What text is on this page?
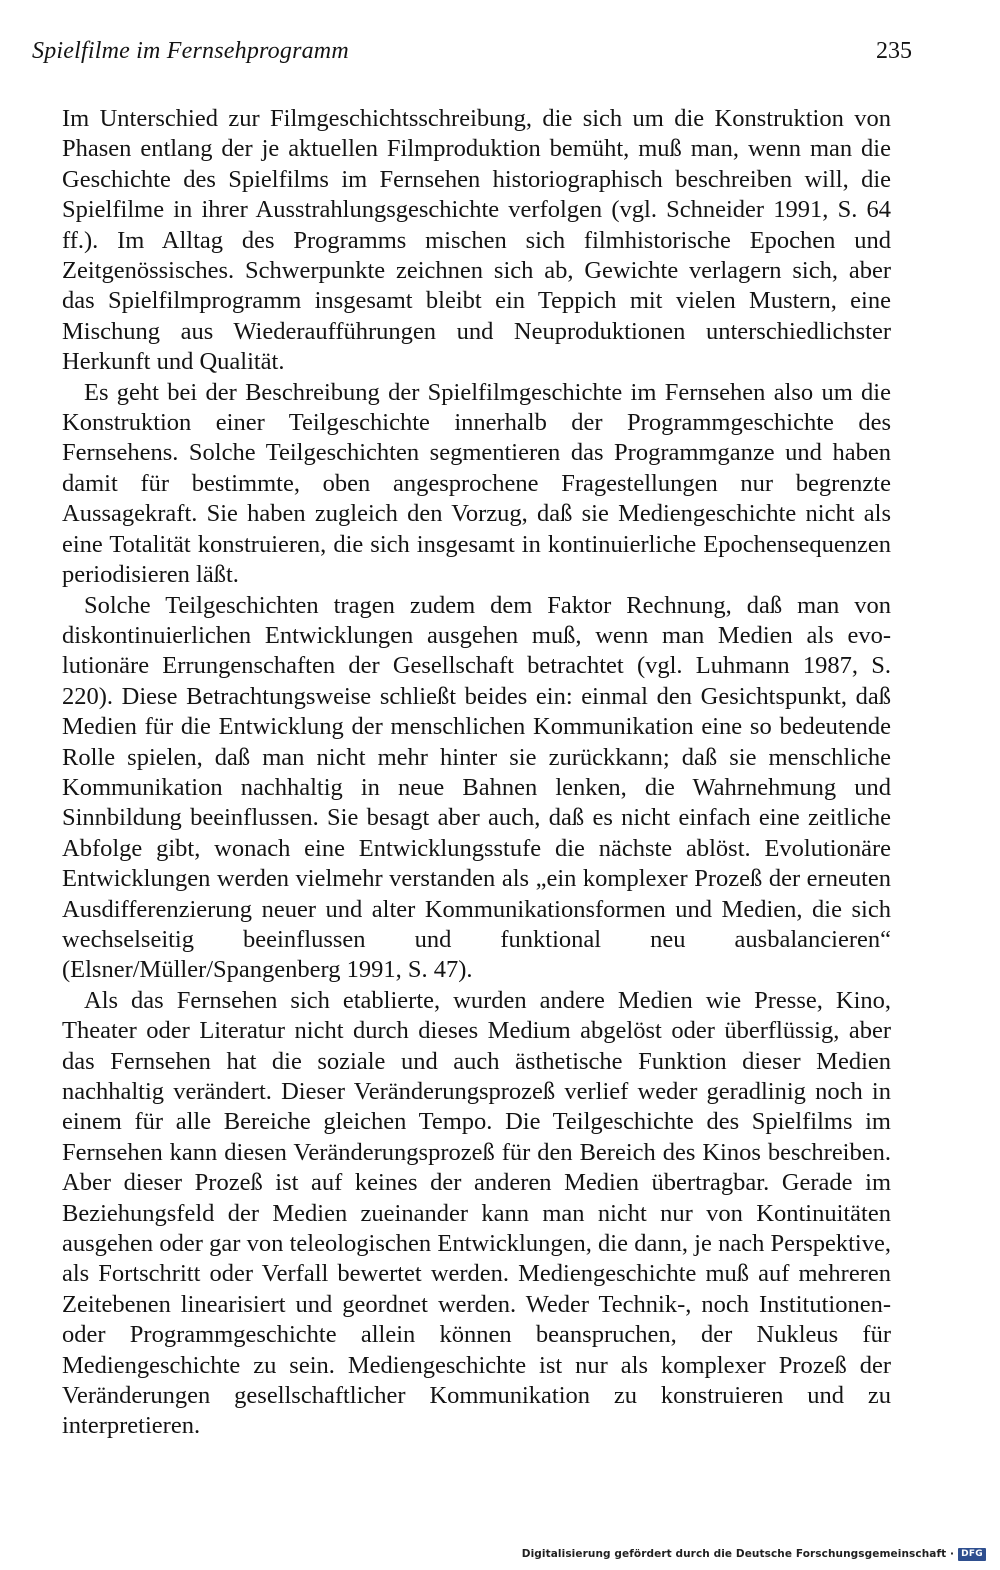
Spielfilme im Fernsehprogramm	235

Im Unterschied zur Filmgeschichtsschreibung, die sich um die Konstruktion von Phasen entlang der je aktuellen Filmproduktion bemüht, muß man, wenn man die Geschichte des Spielfilms im Fernsehen historiographisch beschreiben will, die Spielfilme in ihrer Ausstrahlungsgeschichte verfolgen (vgl. Schneider 1991, S. 64 ff.). Im Alltag des Programms mischen sich filmhistorische Epochen und Zeitgenössisches. Schwerpunkte zeichnen sich ab, Gewichte verlagern sich, aber das Spielfilmprogramm insgesamt bleibt ein Teppich mit vielen Mustern, eine Mischung aus Wiederaufführungen und Neuproduktionen unterschiedlichster Herkunft und Qualität.

Es geht bei der Beschreibung der Spielfilmgeschichte im Fernsehen also um die Konstruktion einer Teilgeschichte innerhalb der Programmgeschichte des Fernsehens. Solche Teilgeschichten segmentieren das Programmganze und haben damit für bestimmte, oben angesprochene Fragestellungen nur begrenzte Aussagekraft. Sie haben zugleich den Vorzug, daß sie Mediengeschichte nicht als eine Totalität konstruieren, die sich insgesamt in kontinuierliche Epochensequenzen periodisieren läßt.

Solche Teilgeschichten tragen zudem dem Faktor Rechnung, daß man von diskontinuierlichen Entwicklungen ausgehen muß, wenn man Medien als evolutionäre Errungenschaften der Gesellschaft betrachtet (vgl. Luhmann 1987, S. 220). Diese Betrachtungsweise schließt beides ein: einmal den Gesichtspunkt, daß Medien für die Entwicklung der menschlichen Kommunikation eine so bedeutende Rolle spielen, daß man nicht mehr hinter sie zurückkann; daß sie menschliche Kommunikation nachhaltig in neue Bahnen lenken, die Wahrnehmung und Sinnbildung beeinflussen. Sie besagt aber auch, daß es nicht einfach eine zeitliche Abfolge gibt, wonach eine Entwicklungsstufe die nächste ablöst. Evolutionäre Entwicklungen werden vielmehr verstanden als „ein komplexer Prozeß der erneuten Ausdifferenzierung neuer und alter Kommunikationsformen und Medien, die sich wechselseitig beeinflussen und funktional neu ausbalancieren“ (Elsner/Müller/Spangenberg 1991, S. 47).

Als das Fernsehen sich etablierte, wurden andere Medien wie Presse, Kino, Theater oder Literatur nicht durch dieses Medium abgelöst oder überflüssig, aber das Fernsehen hat die soziale und auch ästhetische Funktion dieser Medien nachhaltig verändert. Dieser Veränderungsprozeß verlief weder geradlinig noch in einem für alle Bereiche gleichen Tempo. Die Teilgeschichte des Spielfilms im Fernsehen kann diesen Veränderungsprozeß für den Bereich des Kinos beschreiben. Aber dieser Prozeß ist auf keines der anderen Medien übertragbar. Gerade im Beziehungsfeld der Medien zueinander kann man nicht nur von Kontinuitäten ausgehen oder gar von teleologischen Entwicklungen, die dann, je nach Perspektive, als Fortschritt oder Verfall bewertet werden. Mediengeschichte muß auf mehreren Zeitebenen linearisiert und geordnet werden. Weder Technik-, noch Institutionen- oder Programmgeschichte allein können beanspruchen, der Nukleus für Mediengeschichte zu sein. Mediengeschichte ist nur als komplexer Prozeß der Veränderungen gesellschaftlicher Kommunikation zu konstruieren und zu interpretieren.

Digitalisierung gefördert durch die Deutsche Forschungsgemeinschaft · DFG
